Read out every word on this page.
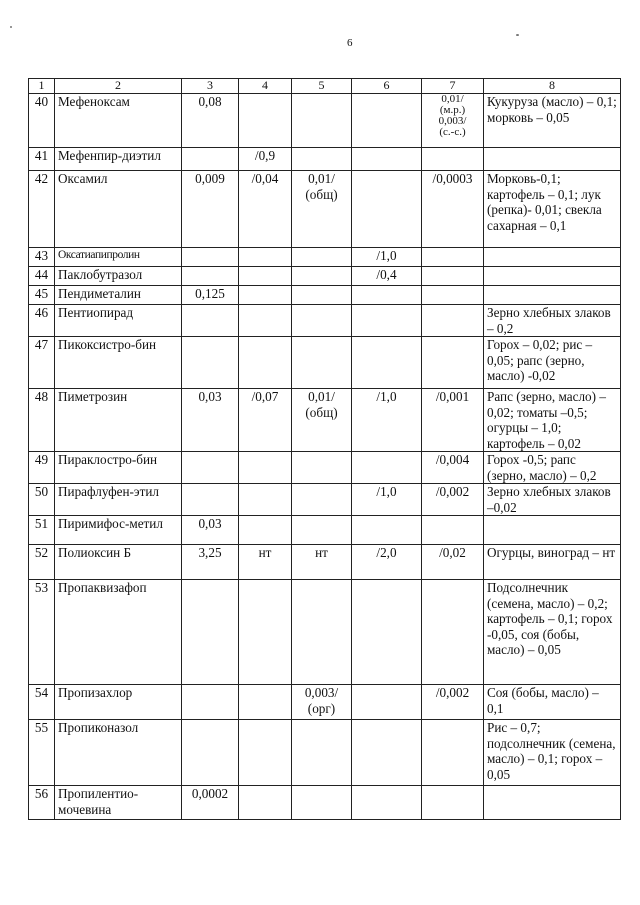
6
1	2	3	4	5	6	7	8

40	Мефеноксам	0,08				0,01/
(м.р.)
0,003/
(с.-с.)	Кукуруза (масло) – 0,1; морковь – 0,05

41	Мефенпир-диэтил		/0,9				

42	Оксамил	0,009	/0,04	0,01/
(общ)		/0,0003	Морковь-0,1; картофель – 0,1; лук (репка)- 0,01; свекла сахарная – 0,1

43	Оксатиапипролин				/1,0		

44	Паклобутразол				/0,4		

45	Пендиметалин	0,125					

46	Пентиопирад						Зерно хлебных злаков – 0,2

47	Пикоксистро-бин						Горох – 0,02; рис – 0,05; рапс (зерно, масло) -0,02

48	Пиметрозин	0,03	/0,07	0,01/
(общ)	/1,0	/0,001	Рапс (зерно, масло) –0,02; томаты –0,5; огурцы – 1,0; картофель – 0,02

49	Пираклостро-бин					/0,004	Горох -0,5; рапс (зерно, масло) – 0,2

50	Пирафлуфен-этил				/1,0	/0,002	Зерно хлебных злаков –0,02

51	Пиримифос-метил	0,03					

52	Полиоксин Б	3,25	нт	нт	/2,0	/0,02	Огурцы, виноград – нт

53	Пропаквизафоп						Подсолнечник (семена, масло) – 0,2; картофель – 0,1; горох -0,05, соя (бобы, масло) – 0,05

54	Пропизахлор			0,003/
(орг)		/0,002	Соя (бобы, масло) – 0,1

55	Пропиконазол						Рис – 0,7; подсолнечник (семена, масло) – 0,1; горох – 0,05

56	Пропилентио-мочевина	0,0002					
